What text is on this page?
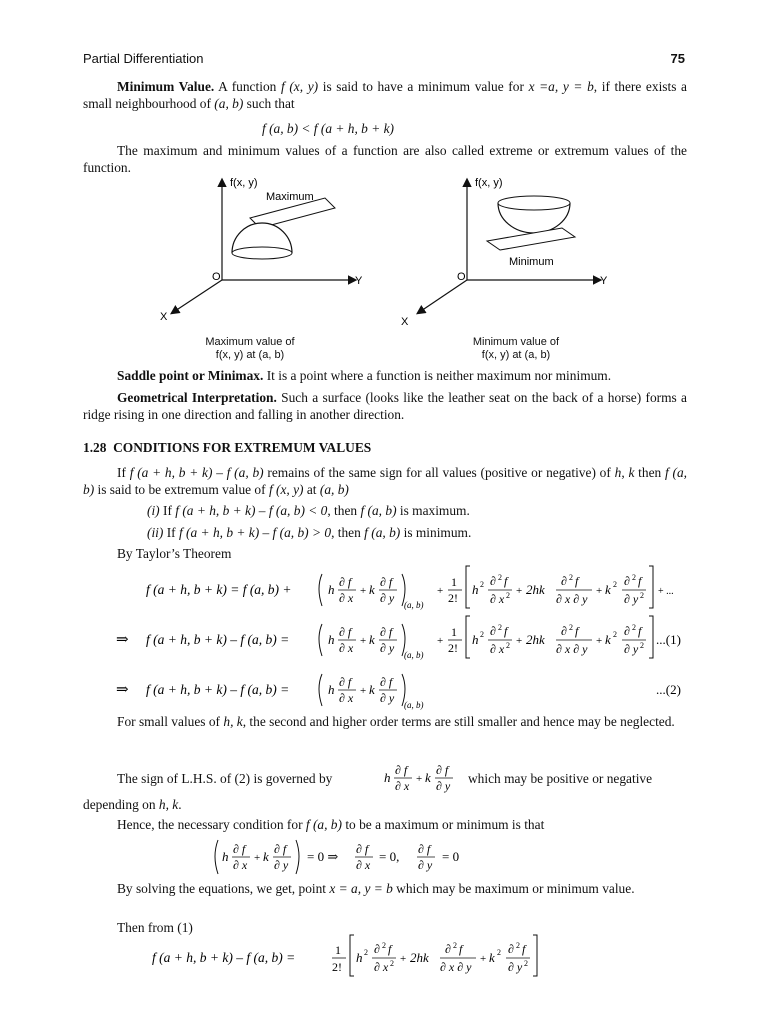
Partial Differentiation	75
Minimum Value. A function f (x, y) is said to have a minimum value for x =a, y = b, if there exists a small neighbourhood of (a, b) such that
f (a, b) < f (a + h, b + k)
The maximum and minimum values of a function are also called extreme or extremum values of the function.
f(x, y)
Maximum
O	Y
X
f(x, y)
O	Y
X
Minimum
Maximum value of
f(x, y) at (a, b)
Minimum value of
f(x, y) at (a, b)
Saddle point or Minimax. It is a point where a function is neither maximum nor minimum.
Geometrical Interpretation. Such a surface (looks like the leather seat on the back of a horse) forms a ridge rising in one direction and falling in another direction.
1.28 CONDITIONS FOR EXTREMUM VALUES
If f (a + h, b + k) – f (a, b) remains of the same sign for all values (positive or negative) of h, k then f (a, b) is said to be extremum value of f (x, y) at (a, b)
(i) If f (a + h, b + k) – f (a, b) < 0, then f (a, b) is maximum.
(ii) If f (a + h, b + k) – f (a, b) > 0, then f (a, b) is minimum.
By Taylor’s Theorem
f (a + h, b + k) = f (a, b) +	h ∂ f
∂ x + k ∂ f
∂ y (a, b)
+
1
2!
h 2 ∂ 2 f
∂ x 2 + 2hk
∂ 2 f
∂ x ∂ y
+ k 2 ∂ 2 f
∂ y 2 + ...
⇒ f (a + h, b + k) – f (a, b) =	h ∂ f
∂ x + k ∂ f
∂ y (a, b)
+
1
2!
h 2 ∂ 2 f
∂ x 2 + 2hk
∂ 2 f
∂ x ∂ y
+ k 2 ∂ 2 f
∂ y 2 ...(1)
⇒ f (a + h, b + k) – f (a, b) =	h ∂ f
∂ x + k ∂ f
∂ y (a, b)
...(2)
For small values of h, k, the second and higher order terms are still smaller and hence may be neglected.
The sign of L.H.S. of (2) is governed by	h ∂ f
∂ x + k ∂ f
∂ y which may be positive or negative
depending on h, k.
Hence, the necessary condition for f (a, b) to be a maximum or minimum is that
h ∂ f
∂ x + k ∂ f
∂ y
= 0 ⇒ ∂ f
∂ x
= 0, ∂ f
∂ y
= 0
By solving the equations, we get, point x = a, y = b which may be maximum or minimum value.
Then from (1)
f (a + h, b + k) – f (a, b) =	1
2!
h 2 ∂ 2 f
∂ x 2 + 2hk
∂ 2 f
∂ x ∂ y
+ k 2 ∂ 2 f
∂ y 2
